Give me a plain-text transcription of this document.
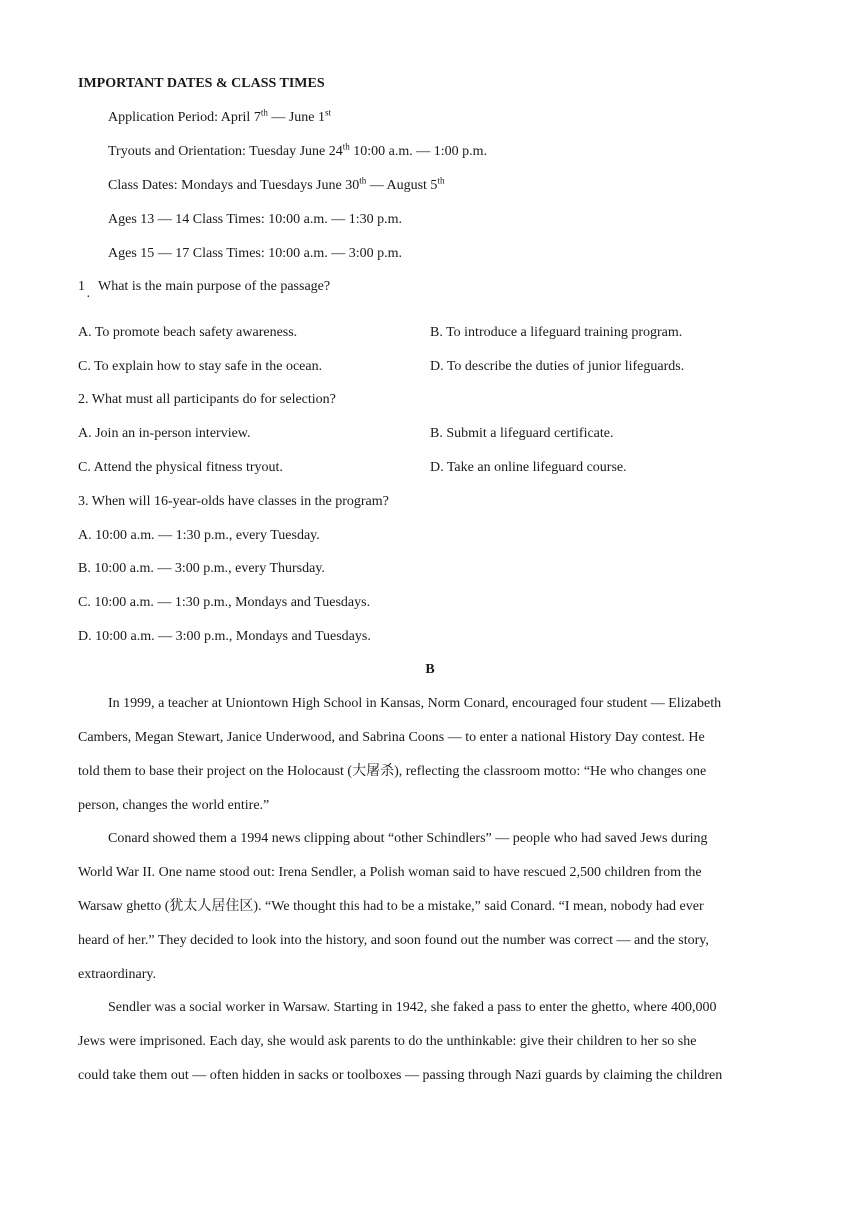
IMPORTANT DATES & CLASS TIMES
Application Period: April 7th — June 1st
Tryouts and Orientation: Tuesday June 24th 10:00 a.m. — 1:00 p.m.
Class Dates: Mondays and Tuesdays June 30th — August 5th
Ages 13 — 14 Class Times: 10:00 a.m. — 1:30 p.m.
Ages 15 — 17 Class Times: 10:00 a.m. — 3:00 p.m.
1
·
What is the main purpose of the passage?
A. To promote beach safety awareness.	B. To introduce a lifeguard training program.
C. To explain how to stay safe in the ocean.	D. To describe the duties of junior lifeguards.
2. What must all participants do for selection?
A. Join an in-person interview.	B. Submit a lifeguard certificate.
C. Attend the physical fitness tryout.	D. Take an online lifeguard course.
3. When will 16-year-olds have classes in the program?
A. 10:00 a.m. — 1:30 p.m., every Tuesday.
B. 10:00 a.m. — 3:00 p.m., every Thursday.
C. 10:00 a.m. — 1:30 p.m., Mondays and Tuesdays.
D. 10:00 a.m. — 3:00 p.m., Mondays and Tuesdays.
B
In 1999, a teacher at Uniontown High School in Kansas, Norm Conard, encouraged four student — Elizabeth
Cambers, Megan Stewart, Janice Underwood, and Sabrina Coons — to enter a national History Day contest. He
told them to base their project on the Holocaust (大屠杀), reflecting the classroom motto: “He who changes one
person, changes the world entire.”
Conard showed them a 1994 news clipping about “other Schindlers” — people who had saved Jews during
World War II. One name stood out: Irena Sendler, a Polish woman said to have rescued 2,500 children from the
Warsaw ghetto (犹太人居住区). “We thought this had to be a mistake,” said Conard. “I mean, nobody had ever
heard of her.” They decided to look into the history, and soon found out the number was correct — and the story,
extraordinary.
Sendler was a social worker in Warsaw. Starting in 1942, she faked a pass to enter the ghetto, where 400,000
Jews were imprisoned. Each day, she would ask parents to do the unthinkable: give their children to her so she
could take them out — often hidden in sacks or toolboxes — passing through Nazi guards by claiming the children
